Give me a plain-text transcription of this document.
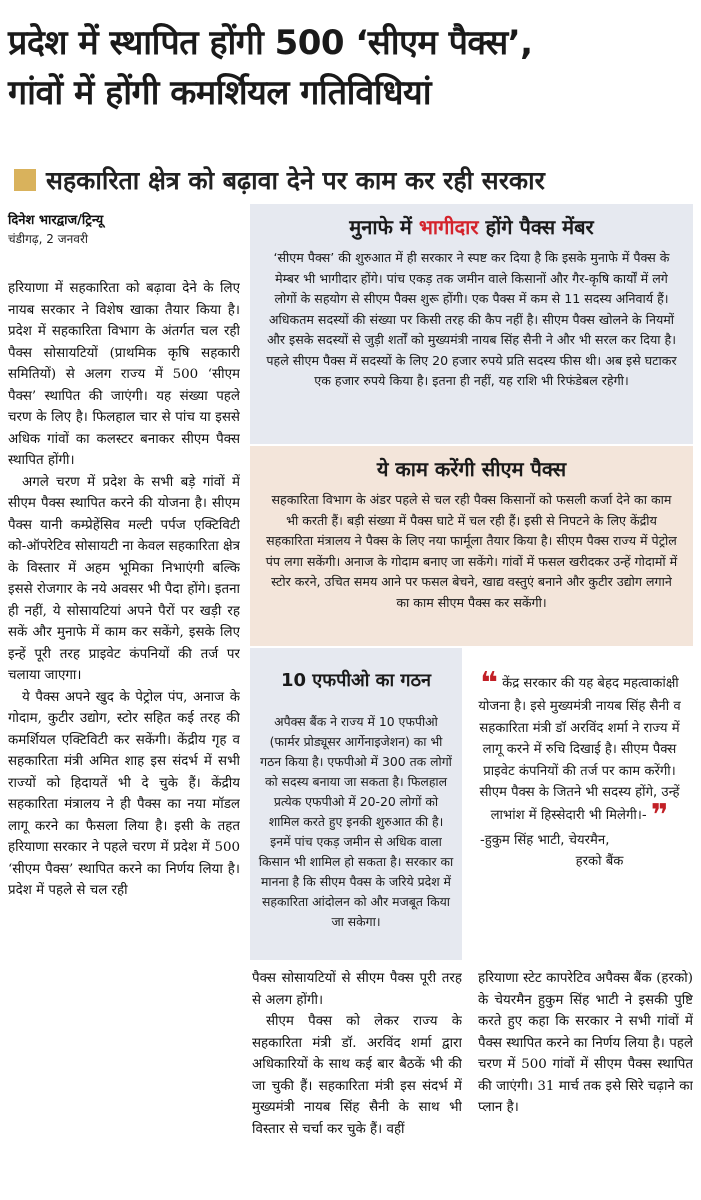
प्रदेश में स्थापित होंगी 500 ‘सीएम पैक्स’,
गांवों में होंगी कमर्शियल गतिविधियां
सहकारिता क्षेत्र को बढ़ावा देने पर काम कर रही सरकार
दिनेश भारद्वाज/ट्रिन्यू
चंडीगढ़, 2 जनवरी

हरियाणा में सहकारिता को बढ़ावा देने के लिए नायब सरकार ने विशेष खाका तैयार किया है। प्रदेश में सहकारिता विभाग के अंतर्गत चल रही पैक्स सोसायटियों (प्राथमिक कृषि सहकारी समितियों) से अलग राज्य में 500 ‘सीएम पैक्स’ स्थापित की जाएंगी। यह संख्या पहले चरण के लिए है। फिलहाल चार से पांच या इससे अधिक गांवों का कलस्टर बनाकर सीएम पैक्स स्थापित होंगी।

अगले चरण में प्रदेश के सभी बड़े गांवों में सीएम पैक्स स्थापित करने की योजना है। सीएम पैक्स यानी कम्प्रेहेंसिव मल्टी पर्पज एक्टिविटी को-ऑपरेटिव सोसायटी ना केवल सहकारिता क्षेत्र के विस्तार में अहम भूमिका निभाएंगी बल्कि इससे रोजगार के नये अवसर भी पैदा होंगे। इतना ही नहीं, ये सोसायटियां अपने पैरों पर खड़ी रह सकें और मुनाफे में काम कर सकेंगे, इसके लिए इन्हें पूरी तरह प्राइवेट कंपनियों की तर्ज पर चलाया जाएगा।

ये पैक्स अपने खुद के पेट्रोल पंप, अनाज के गोदाम, कुटीर उद्योग, स्टोर सहित कई तरह की कमर्शियल एक्टिविटी कर सकेंगी। केंद्रीय गृह व सहकारिता मंत्री अमित शाह इस संदर्भ में सभी राज्यों को हिदायतें भी दे चुके हैं। केंद्रीय सहकारिता मंत्रालय ने ही पैक्स का नया मॉडल लागू करने का फैसला लिया है। इसी के तहत हरियाणा सरकार ने पहले चरण में प्रदेश में 500 ‘सीएम पैक्स’ स्थापित करने का निर्णय लिया है। प्रदेश में पहले से चल रही

मुनाफे में भागीदार होंगे पैक्स मेंबर
‘सीएम पैक्स’ की शुरुआत में ही सरकार ने स्पष्ट कर दिया है कि इसके मुनाफे में पैक्स के मेम्बर भी भागीदार होंगे। पांच एकड़ तक जमीन वाले किसानों और गैर-कृषि कार्यों में लगे लोगों के सहयोग से सीएम पैक्स शुरू होंगी। एक पैक्स में कम से 11 सदस्य अनिवार्य हैं। अधिकतम सदस्यों की संख्या पर किसी तरह की कैप नहीं है। सीएम पैक्स खोलने के नियमों और इसके सदस्यों से जुड़ी शर्तों को मुख्यमंत्री नायब सिंह सैनी ने और भी सरल कर दिया है। पहले सीएम पैक्स में सदस्यों के लिए 20 हजार रुपये प्रति सदस्य फीस थी। अब इसे घटाकर एक हजार रुपये किया है। इतना ही नहीं, यह राशि भी रिफंडेबल रहेगी।
ये काम करेंगी सीएम पैक्स
सहकारिता विभाग के अंडर पहले से चल रही पैक्स किसानों को फसली कर्जा देने का काम भी करती हैं। बड़ी संख्या में पैक्स घाटे में चल रही हैं। इसी से निपटने के लिए केंद्रीय सहकारिता मंत्रालय ने पैक्स के लिए नया फार्मूला तैयार किया है। सीएम पैक्स राज्य में पेट्रोल पंप लगा सकेंगी। अनाज के गोदाम बनाए जा सकेंगे। गांवों में फसल खरीदकर उन्हें गोदामों में स्टोर करने, उचित समय आने पर फसल बेचने, खाद्य वस्तुएं बनाने और कुटीर उद्योग लगाने का काम सीएम पैक्स कर सकेंगी।
10 एफपीओ का गठन
अपैक्स बैंक ने राज्य में 10 एफपीओ (फार्मर प्रोड्यूसर आर्गेनाइजेशन) का भी गठन किया है। एफपीओ में 300 तक लोगों को सदस्य बनाया जा सकता है। फिलहाल प्रत्येक एफपीओ में 20-20 लोगों को शामिल करते हुए इनकी शुरुआत की है। इनमें पांच एकड़ जमीन से अधिक वाला किसान भी शामिल हो सकता है। सरकार का मानना है कि सीएम पैक्स के जरिये प्रदेश में सहकारिता आंदोलन को और मजबूत किया जा सकेगा।
❝ केंद्र सरकार की यह बेहद महत्वाकांक्षी योजना है। इसे मुख्यमंत्री नायब सिंह सैनी व सहकारिता मंत्री डॉ अरविंद शर्मा ने राज्य में लागू करने में रुचि दिखाई है। सीएम पैक्स प्राइवेट कंपनियों की तर्ज पर काम करेंगी। सीएम पैक्स के जितने भी सदस्य होंगे, उन्हें लाभांश में हिस्सेदारी भी मिलेगी।- ❞
-हुकुम सिंह भाटी, चेयरमैन,
हरको बैंक

पैक्स सोसायटियों से सीएम पैक्स पूरी तरह से अलग होंगी।

सीएम पैक्स को लेकर राज्य के सहकारिता मंत्री डॉ. अरविंद शर्मा द्वारा अधिकारियों के साथ कई बार बैठकें भी की जा चुकी हैं। सहकारिता मंत्री इस संदर्भ में मुख्यमंत्री नायब सिंह सैनी के साथ भी विस्तार से चर्चा कर चुके हैं। वहीं

हरियाणा स्टेट कापरेटिव अपैक्स बैंक (हरको) के चेयरमैन हुकुम सिंह भाटी ने इसकी पुष्टि करते हुए कहा कि सरकार ने सभी गांवों में पैक्स स्थापित करने का निर्णय लिया है। पहले चरण में 500 गांवों में सीएम पैक्स स्थापित की जाएंगी। 31 मार्च तक इसे सिरे चढ़ाने का प्लान है।
